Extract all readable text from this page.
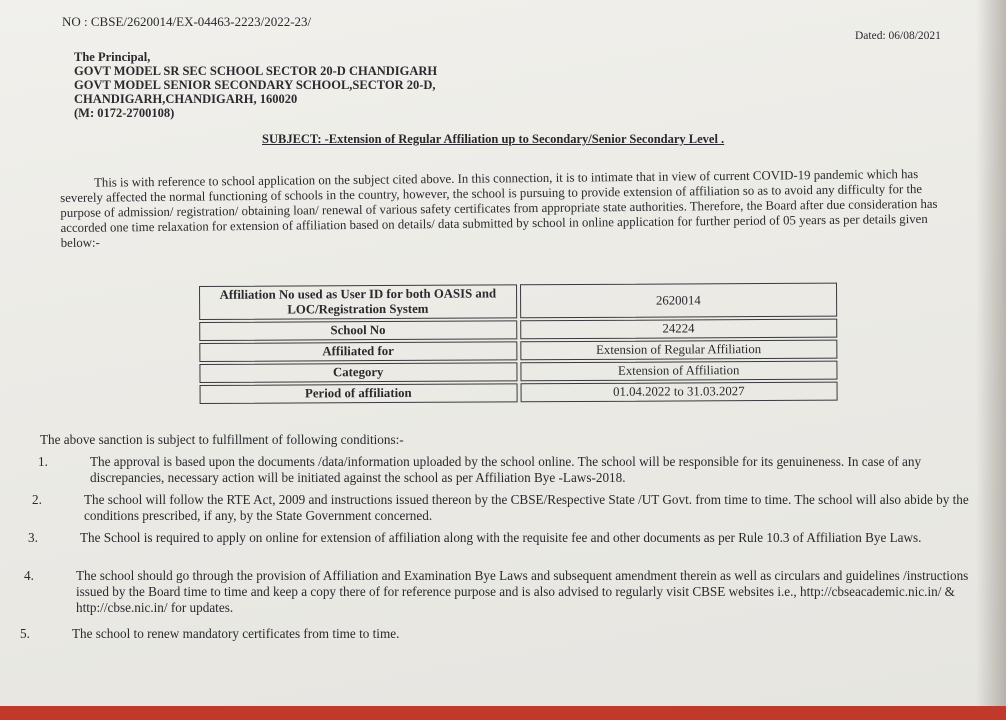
NO : CBSE/2620014/EX-04463-2223/2022-23/
Dated: 06/08/2021
The Principal,
GOVT MODEL SR SEC SCHOOL SECTOR 20-D CHANDIGARH
GOVT MODEL SENIOR SECONDARY SCHOOL,SECTOR 20-D,
CHANDIGARH,CHANDIGARH, 160020
(M: 0172-2700108)
SUBJECT: -Extension of Regular Affiliation up to Secondary/Senior Secondary Level .
This is with reference to school application on the subject cited above. In this connection, it is to intimate that in view of current COVID-19 pandemic which has severely affected the normal functioning of schools in the country, however, the school is pursuing to provide extension of affiliation so as to avoid any difficulty for the purpose of admission/ registration/ obtaining loan/ renewal of various safety certificates from appropriate state authorities. Therefore, the Board after due consideration has accorded one time relaxation for extension of affiliation based on details/ data submitted by school in online application for further period of 05 years as per details given below:-
Affiliation No used as User ID for both OASIS and LOC/Registration System	2620014
School No	24224
Affiliated for	Extension of Regular Affiliation
Category	Extension of Affiliation
Period of affiliation	01.04.2022 to 31.03.2027
The above sanction is subject to fulfillment of following conditions:-
1.	The approval is based upon the documents /data/information uploaded by the school online. The school will be responsible for its genuineness. In case of any discrepancies, necessary action will be initiated against the school as per Affiliation Bye -Laws-2018.
2.	The school will follow the RTE Act, 2009 and instructions issued thereon by the CBSE/Respective State /UT Govt. from time to time. The school will also abide by the conditions prescribed, if any, by the State Government concerned.
3.	The School is required to apply on online for extension of affiliation along with the requisite fee and other documents as per Rule 10.3 of Affiliation Bye Laws.
4.	The school should go through the provision of Affiliation and Examination Bye Laws and subsequent amendment therein as well as circulars and guidelines /instructions issued by the Board time to time and keep a copy there of for reference purpose and is also advised to regularly visit CBSE websites i.e., http://cbseacademic.nic.in/ & http://cbse.nic.in/ for updates.
5.	The school to renew mandatory certificates from time to time.
